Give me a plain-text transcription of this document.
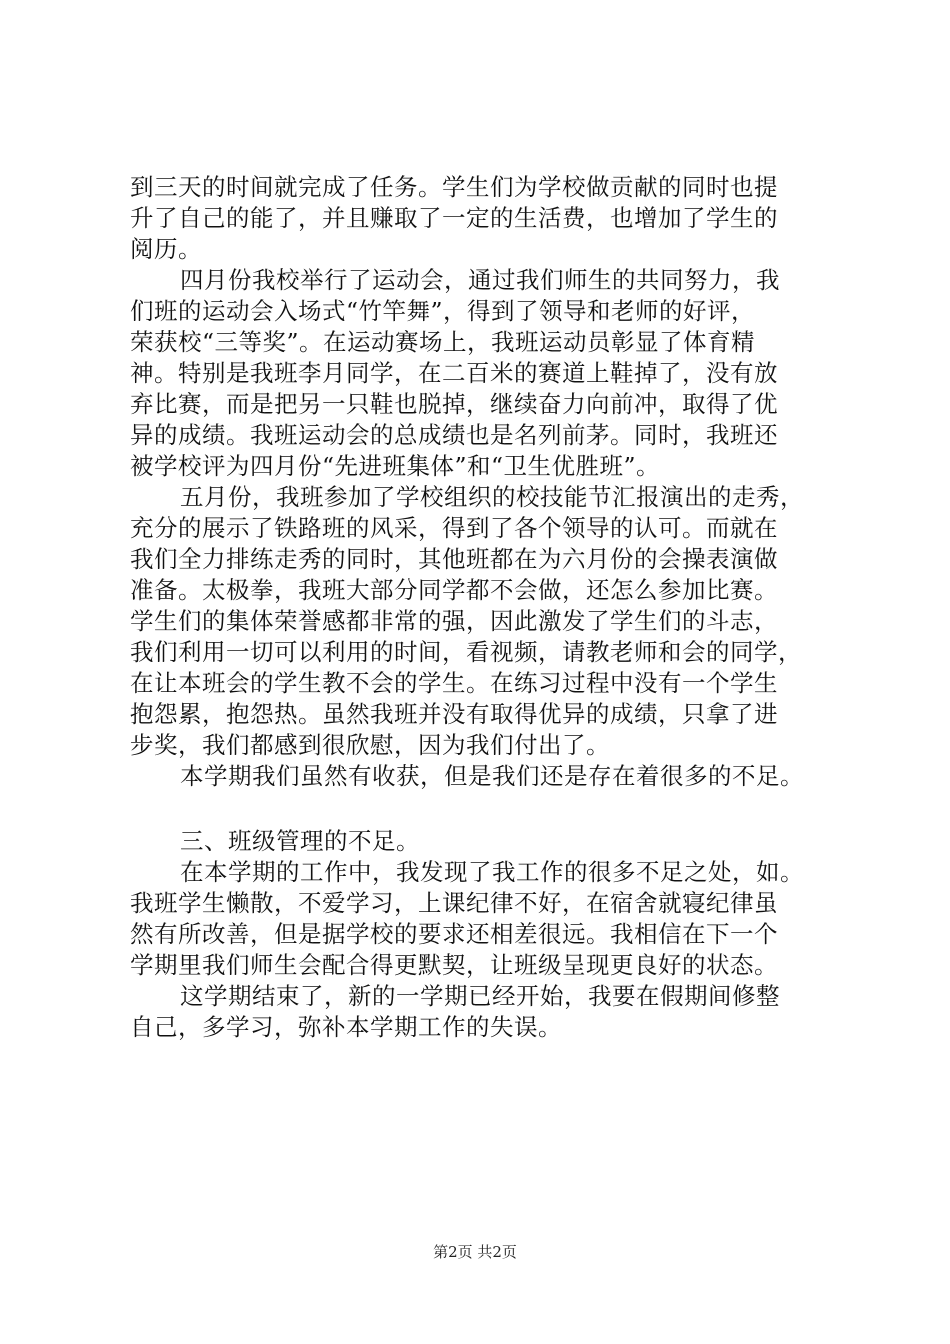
到三天的时间就完成了任务。学生们为学校做贡献的同时也提
升了自己的能了，并且赚取了一定的生活费，也增加了学生的
阅历。
四月份我校举行了运动会，通过我们师生的共同努力，我
们班的运动会入场式“竹竿舞”，得到了领导和老师的好评，
荣获校“三等奖”。在运动赛场上，我班运动员彰显了体育精
神。特别是我班李月同学，在二百米的赛道上鞋掉了，没有放
弃比赛，而是把另一只鞋也脱掉，继续奋力向前冲，取得了优
异的成绩。我班运动会的总成绩也是名列前茅。同时，我班还
被学校评为四月份“先进班集体”和“卫生优胜班”。
五月份，我班参加了学校组织的校技能节汇报演出的走秀，
充分的展示了铁路班的风采，得到了各个领导的认可。而就在
我们全力排练走秀的同时，其他班都在为六月份的会操表演做
准备。太极拳，我班大部分同学都不会做，还怎么参加比赛。
学生们的集体荣誉感都非常的强，因此激发了学生们的斗志，
我们利用一切可以利用的时间，看视频，请教老师和会的同学，
在让本班会的学生教不会的学生。在练习过程中没有一个学生
抱怨累，抱怨热。虽然我班并没有取得优异的成绩，只拿了进
步奖，我们都感到很欣慰，因为我们付出了。
本学期我们虽然有收获，但是我们还是存在着很多的不足。
三、班级管理的不足。
在本学期的工作中，我发现了我工作的很多不足之处，如。
我班学生懒散，不爱学习，上课纪律不好，在宿舍就寝纪律虽
然有所改善，但是据学校的要求还相差很远。我相信在下一个
学期里我们师生会配合得更默契，让班级呈现更良好的状态。
这学期结束了，新的一学期已经开始，我要在假期间修整
自己，多学习，弥补本学期工作的失误。
第2页 共2页
